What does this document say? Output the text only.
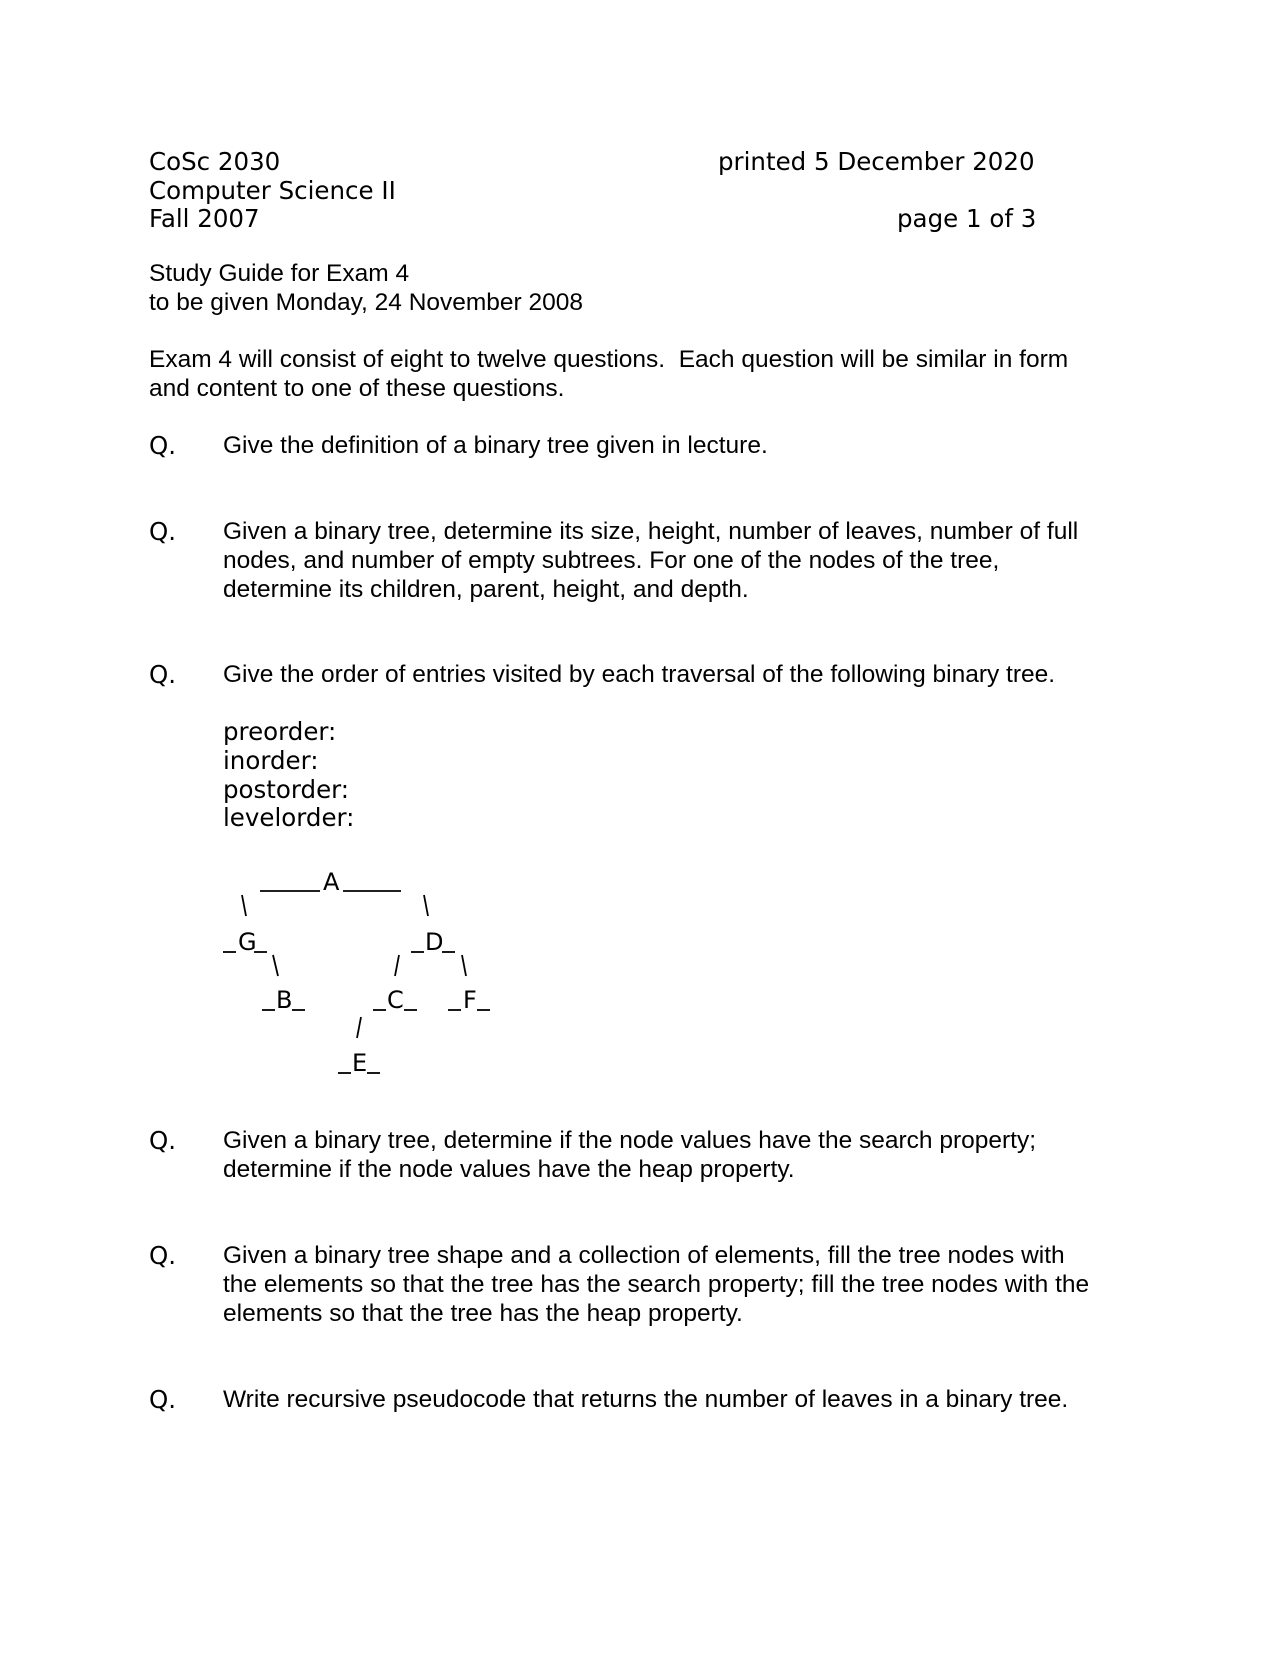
CoSc 2030
Computer Science II
Fall 2007
printed 5 December 2020
page 1 of 3
Study Guide for Exam 4
to be given Monday, 24 November 2008
Exam 4 will consist of eight to twelve questions.  Each question will be similar in form
and content to one of these questions.
Q. Give the definition of a binary tree given in lecture.
Q. Given a binary tree, determine its size, height, number of leaves, number of full nodes, and number of empty subtrees. For one of the nodes of the tree, determine its children, parent, height, and depth.
Q. Give the order of entries visited by each traversal of the following binary tree.
preorder:
inorder:
postorder:
levelorder:
A
G	D
B	C F
E
Q. Given a binary tree, determine if the node values have the search property; determine if the node values have the heap property.
Q. Given a binary tree shape and a collection of elements, fill the tree nodes with the elements so that the tree has the search property; fill the tree nodes with the elements so that the tree has the heap property.
Q. Write recursive pseudocode that returns the number of leaves in a binary tree.
